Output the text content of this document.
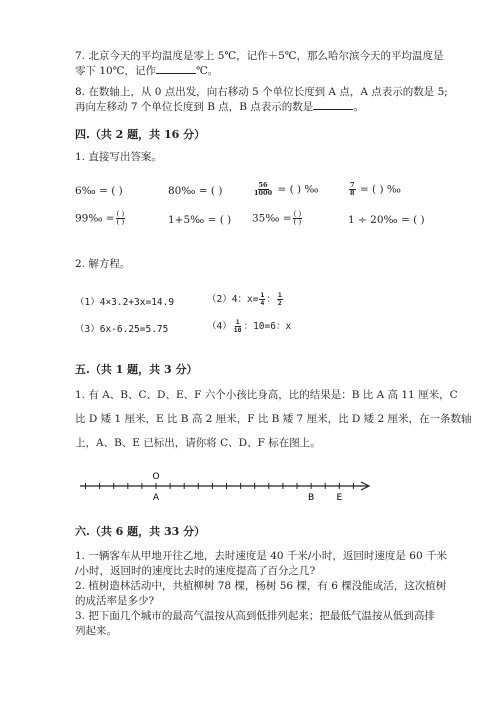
7. 北京今天的平均温度是零上 5℃，记作＋5℃，那么哈尔滨今天的平均温度是
零下 10℃，记作	℃。
8. 在数轴上，从 0 点出发，向右移动 5 个单位长度到 A 点，A 点表示的数是 5;
再向左移动 7 个单位长度到 B 点，B 点表示的数是	。
四.（共 2 题，共 16 分）
1. 直接写出答案。
6‰ = ( )	80‰ = ( )	$\frac{56}{1000}$ = ( ) ‰	$\frac{7}{8}$ = ( ) ‰
99‰ = $\frac{( )}{( )}$	1+5‰ = ( ) 35‰ = $\frac{( )}{( )}$	1 ÷ 20‰ = ( )
2. 解方程。
（1）4×3.2+3x=14.9	（2）4：$x= \frac{1}{4}$ ： $\frac{1}{2}$
（3）6x-6.25=5.75	$(4) \frac{1}{10}$ ：10=6：x
五.（共 1 题，共 3 分）
1. 有 A、B、C、D、E、F 六个小孩比身高，比的结果是：B 比 A 高 11 厘米，C
比 D 矮 1 厘米，E 比 B 高 2 厘米，F 比 B 矮 7 厘米，比 D 矮 2 厘米，在一条数轴
上，A、B、E 已标出，请你将 C、D、F 标在图上。
O
A	B E
六.（共 6 题，共 33 分）
1. 一辆客车从甲地开往乙地，去时速度是 40 千米/小时，返回时速度是 60 千米
/小时，返回时的速度比去时的速度提高了百分之几?
2. 植树造林活动中，共植柳树 78 棵，杨树 56 棵，有 6 棵没能成活，这次植树
的成活率是多少?
3. 把下面几个城市的最高气温按从高到低排列起来；把最低气温按从低到高排
列起来。
